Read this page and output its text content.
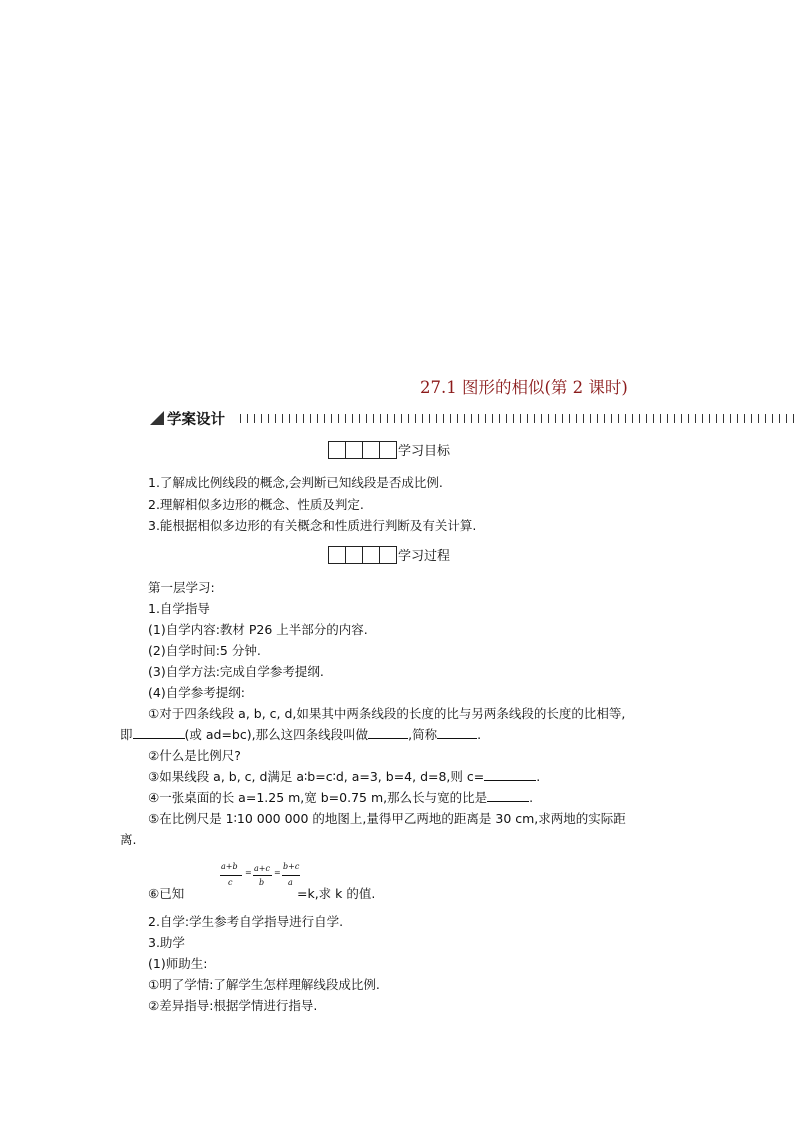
27.1 图形的相似(第 2 课时)
学案设计
学习目标
1.了解成比例线段的概念,会判断已知线段是否成比例.
2.理解相似多边形的概念、性质及判定.
3.能根据相似多边形的有关概念和性质进行判断及有关计算.
学习过程
第一层学习:
1.自学指导
(1)自学内容:教材 P26 上半部分的内容.
(2)自学时间:5 分钟.
(3)自学方法:完成自学参考提纲.
(4)自学参考提纲:
①对于四条线段 a, b, c, d,如果其中两条线段的长度的比与另两条线段的长度的比相等,
即	(或 ad=bc),那么这四条线段叫做	,简称	.
②什么是比例尺?
③如果线段 a, b, c, d满足 a∶b=c∶d, a=3, b=4, d=8,则 c=	.
④一张桌面的长 a=1.25 m,宽 b=0.75 m,那么长与宽的比是	.
⑤在比例尺是 1∶10 000 000 的地图上,量得甲乙两地的距离是 30 cm,求两地的实际距
离.
⑥已知
a+b
c
= a+c
b
=
b+c
a
=k,求 k 的值.
2.自学:学生参考自学指导进行自学.
3.助学
(1)师助生:
①明了学情:了解学生怎样理解线段成比例.
②差异指导:根据学情进行指导.
